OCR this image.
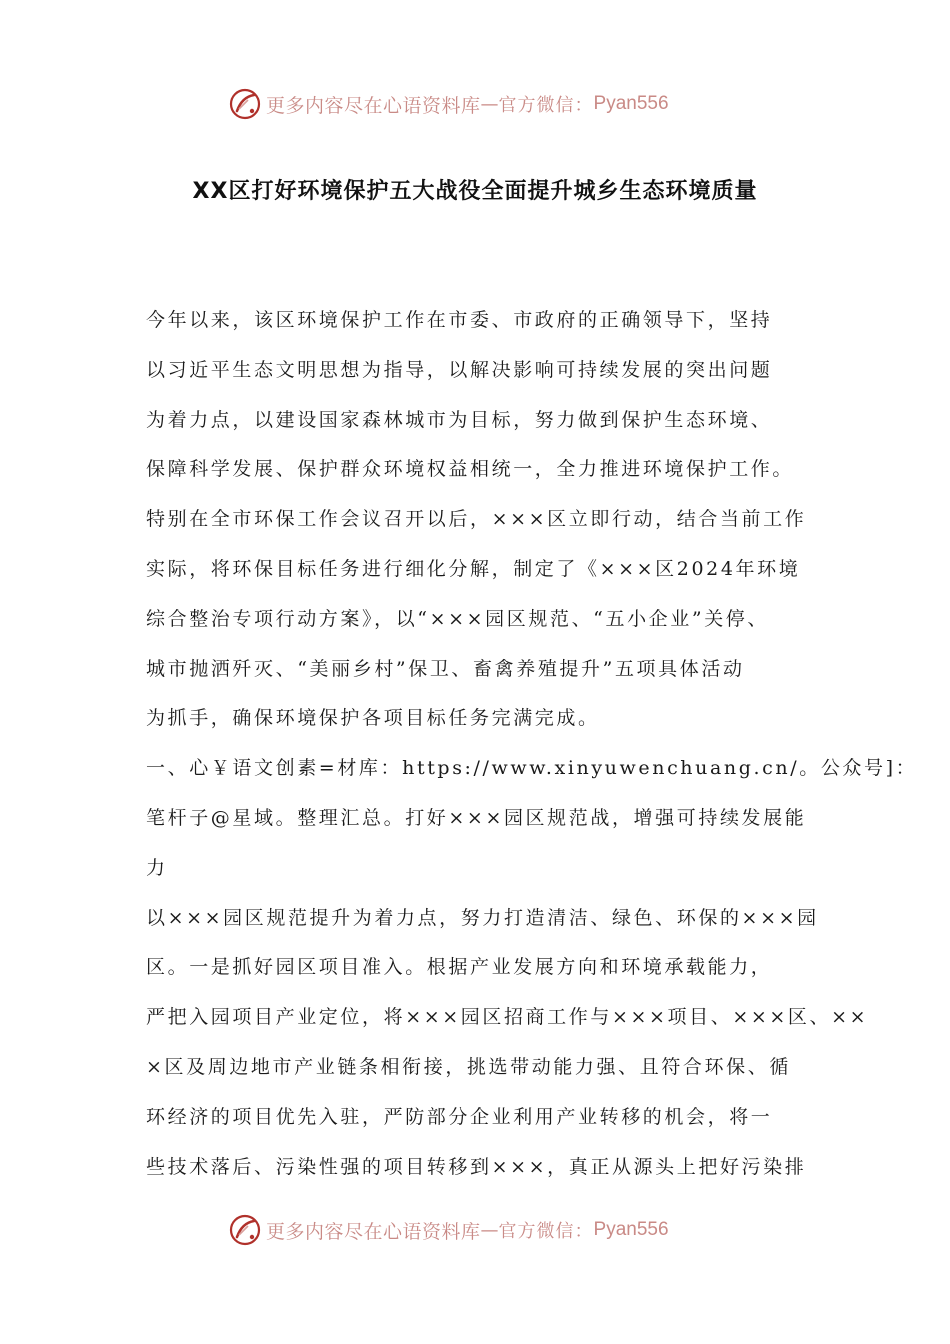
更多内容尽在心语资料库 — 官方微信： Pyan556
XX区打好环境保护五大战役全面提升城乡生态环境质量
今年以来，该区环境保护工作在市委、市政府的正确领导下，坚持
以习近平生态文明思想为指导，以解决影响可持续发展的突出问题
为着力点，以建设国家森林城市为目标，努力做到保护生态环境、
保障科学发展、保护群众环境权益相统一，全力推进环境保护工作。
特别在全市环保工作会议召开以后，×××区立即行动，结合当前工作
实际，将环保目标任务进行细化分解，制定了《×××区2024年环境
综合整治专项行动方案》，以“×××园区规范、“五小企业”关停、
城市抛洒歼灭、“美丽乡村”保卫、畜禽养殖提升”五项具体活动
为抓手，确保环境保护各项目标任务完满完成。
一、心￥语文创素=材库：https://www.xinyuwenchuang.cn/。公众号]：
笔杆子@星域。整理汇总。打好×××园区规范战，增强可持续发展能
力
以×××园区规范提升为着力点，努力打造清洁、绿色、环保的×××园
区。一是抓好园区项目准入。根据产业发展方向和环境承载能力，
严把入园项目产业定位，将×××园区招商工作与×××项目、×××区、××
×区及周边地市产业链条相衔接，挑选带动能力强、且符合环保、循
环经济的项目优先入驻，严防部分企业利用产业转移的机会，将一
些技术落后、污染性强的项目转移到×××，真正从源头上把好污染排
更多内容尽在心语资料库 — 官方微信： Pyan556
